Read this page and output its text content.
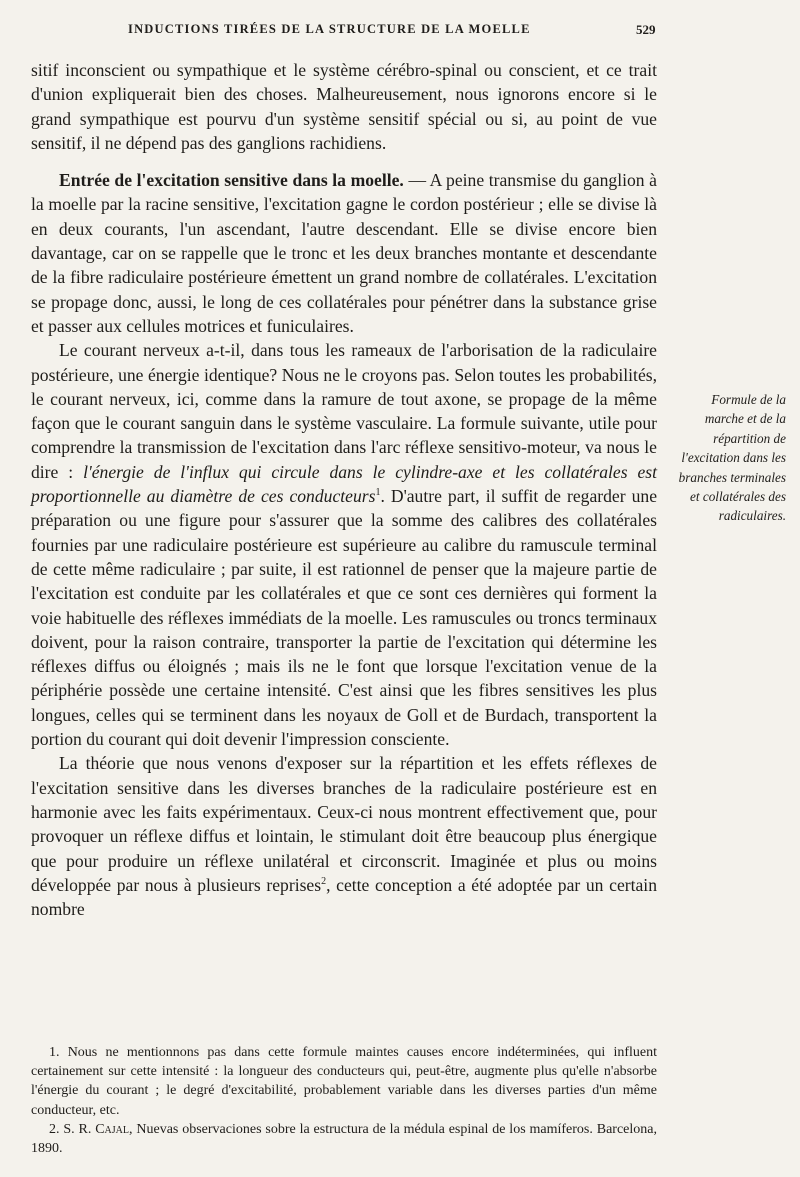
INDUCTIONS TIRÉES DE LA STRUCTURE DE LA MOELLE	529

sitif inconscient ou sympathique et le système cérébro-spinal ou conscient, et ce trait d'union expliquerait bien des choses. Malheureusement, nous ignorons encore si le grand sympathique est pourvu d'un système sensitif spécial ou si, au point de vue sensitif, il ne dépend pas des ganglions rachidiens.

Entrée de l'excitation sensitive dans la moelle. — A peine transmise du ganglion à la moelle par la racine sensitive, l'excitation gagne le cordon postérieur ; elle se divise là en deux courants, l'un ascendant, l'autre descendant. Elle se divise encore bien davantage, car on se rappelle que le tronc et les deux branches montante et descendante de la fibre radiculaire postérieure émettent un grand nombre de collatérales. L'excitation se propage donc, aussi, le long de ces collatérales pour pénétrer dans la substance grise et passer aux cellules motrices et funiculaires.

Le courant nerveux a-t-il, dans tous les rameaux de l'arborisation de la radiculaire postérieure, une énergie identique? Nous ne le croyons pas. Selon toutes les probabilités, le courant nerveux, ici, comme dans la ramure de tout axone, se propage de la même façon que le courant sanguin dans le système vasculaire. La formule suivante, utile pour comprendre la transmission de l'excitation dans l'arc réflexe sensitivo-moteur, va nous le dire : l'énergie de l'influx qui circule dans le cylindre-axe et les collatérales est proportionnelle au diamètre de ces conducteurs$^1$. D'autre part, il suffit de regarder une préparation ou une figure pour s'assurer que la somme des calibres des collatérales fournies par une radiculaire postérieure est supérieure au calibre du ramuscule terminal de cette même radiculaire ; par suite, il est rationnel de penser que la majeure partie de l'excitation est conduite par les collatérales et que ce sont ces dernières qui forment la voie habituelle des réflexes immédiats de la moelle. Les ramuscules ou troncs terminaux doivent, pour la raison contraire, transporter la partie de l'excitation qui détermine les réflexes diffus ou éloignés ; mais ils ne le font que lorsque l'excitation venue de la périphérie possède une certaine intensité. C'est ainsi que les fibres sensitives les plus longues, celles qui se terminent dans les noyaux de Goll et de Burdach, transportent la portion du courant qui doit devenir l'impression consciente.

La théorie que nous venons d'exposer sur la répartition et les effets réflexes de l'excitation sensitive dans les diverses branches de la radiculaire postérieure est en harmonie avec les faits expérimentaux. Ceux-ci nous montrent effectivement que, pour provoquer un réflexe diffus et lointain, le stimulant doit être beaucoup plus énergique que pour produire un réflexe unilatéral et circonscrit. Imaginée et plus ou moins développée par nous à plusieurs reprises$^2$, cette conception a été adoptée par un certain nombre

Formule de la marche et de la répartition de l'excitation dans les branches terminales et collatérales des radiculaires.

1. Nous ne mentionnons pas dans cette formule maintes causes encore indéterminées, qui influent certainement sur cette intensité : la longueur des conducteurs qui, peut-être, augmente plus qu'elle n'absorbe l'énergie du courant ; le degré d'excitabilité, probablement variable dans les diverses parties d'un même conducteur, etc.

2. S. R. Cajal, Nuevas observaciones sobre la estructura de la médula espinal de los mamíferos. Barcelona, 1890.
